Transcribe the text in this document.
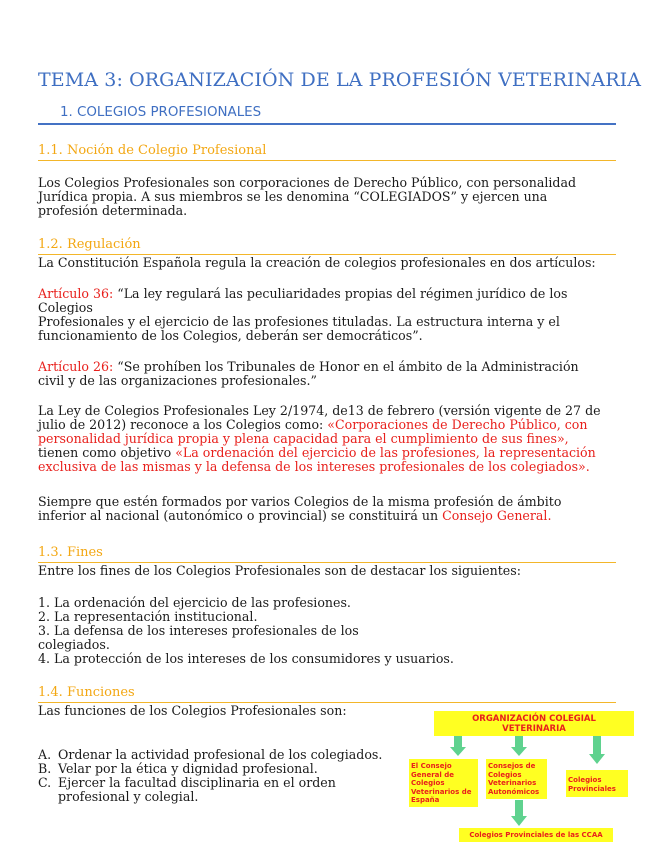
TEMA 3: ORGANIZACIÓN DE LA PROFESIÓN VETERINARIA
1. COLEGIOS PROFESIONALES
1.1. Noción de Colegio Profesional

Los Colegios Profesionales son corporaciones de Derecho Público, con personalidad

Jurídica propia. A sus miembros se les denomina “COLEGIADOS” y ejercen una

profesión determinada.

1.2. Regulación

La Constitución Española regula la creación de colegios profesionales en dos artículos:

Artículo 36: “La ley regulará las peculiaridades propias del régimen jurídico de los

Colegios

Profesionales y el ejercicio de las profesiones tituladas. La estructura interna y el

funcionamiento de los Colegios, deberán ser democráticos”.

Artículo 26: “Se prohíben los Tribunales de Honor en el ámbito de la Administración

civil y de las organizaciones profesionales.”

La Ley de Colegios Profesionales Ley 2/1974, de13 de febrero (versión vigente de 27 de

julio de 2012) reconoce a los Colegios como: «Corporaciones de Derecho Público, con

personalidad jurídica propia y plena capacidad para el cumplimiento de sus fines»,

tienen como objetivo «La ordenación del ejercicio de las profesiones, la representación

exclusiva de las mismas y la defensa de los intereses profesionales de los colegiados».

Siempre que estén formados por varios Colegios de la misma profesión de ámbito

inferior al nacional (autonómico o provincial) se constituirá un Consejo General.

1.3. Fines

Entre los fines de los Colegios Profesionales son de destacar los siguientes:

1. La ordenación del ejercicio de las profesiones.
2. La representación institucional.
3. La defensa de los intereses profesionales de los
colegiados.
4. La protección de los intereses de los consumidores y usuarios.
1.4. Funciones

Las funciones de los Colegios Profesionales son:

A. Ordenar la actividad profesional de los colegiados.
B. Velar por la ética y dignidad profesional.
C. Ejercer la facultad disciplinaria en el orden profesional y colegial.
ORGANIZACIÓN COLEGIAL
VETERINARIA
El Consejo General de Colegios Veterinarios de España
Consejos de Colegios Veterinarios Autonómicos
Colegios Provinciales
Colegios Provinciales de las CCAA
